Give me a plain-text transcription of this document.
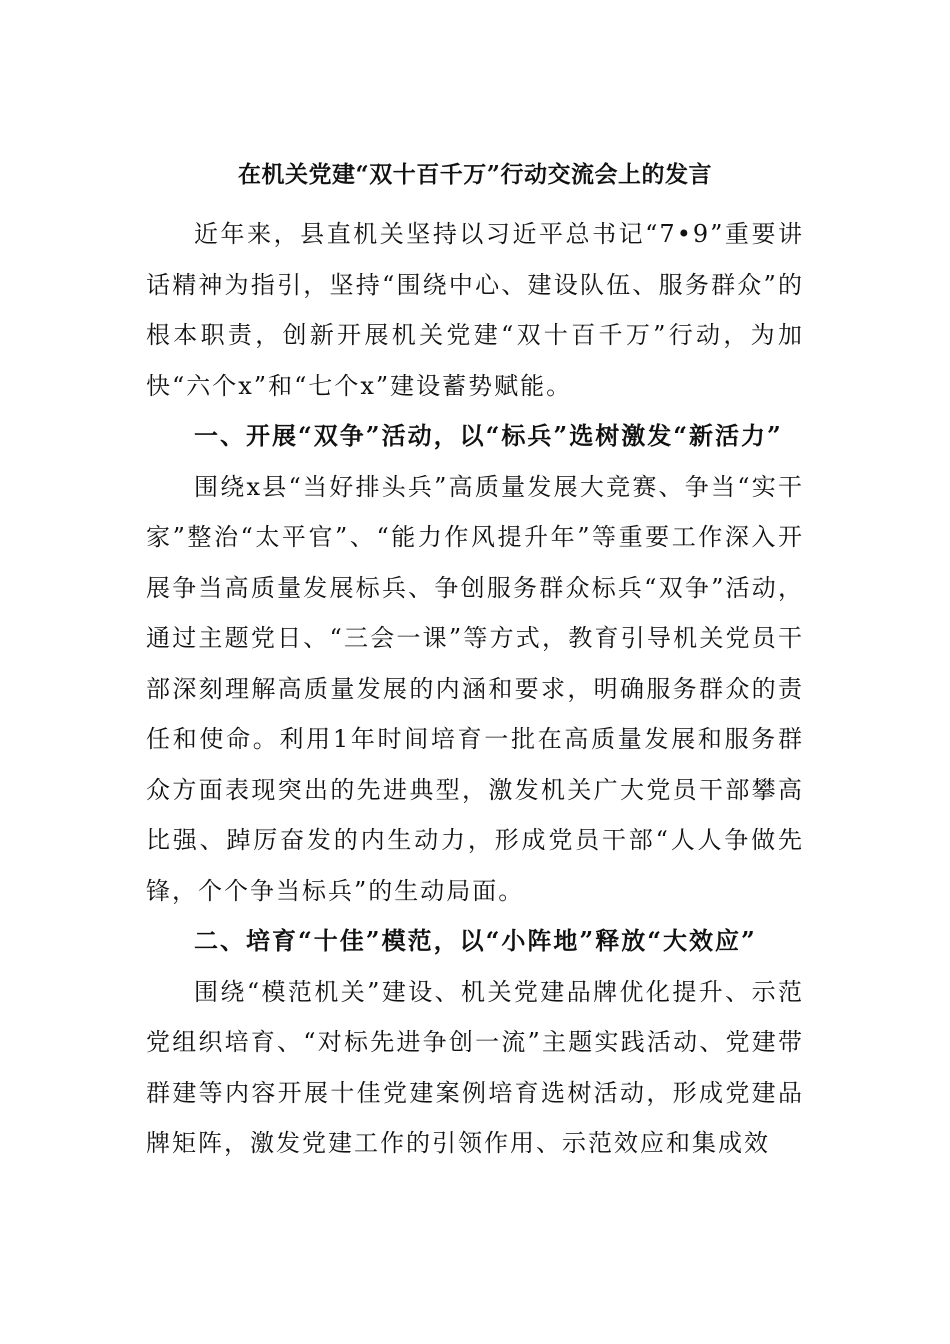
在机关党建“双十百千万”行动交流会上的发言

近年来，县直机关坚持以习近平总书记“7•9”重要讲话精神为指引，坚持“围绕中心、建设队伍、服务群众”的根本职责，创新开展机关党建“双十百千万”行动，为加快“六个x”和“七个x”建设蓄势赋能。

一、开展“双争”活动，以“标兵”选树激发“新活力”

围绕x县“当好排头兵”高质量发展大竞赛、争当“实干家”整治“太平官”、“能力作风提升年”等重要工作深入开展争当高质量发展标兵、争创服务群众标兵“双争”活动，通过主题党日、“三会一课”等方式，教育引导机关党员干部深刻理解高质量发展的内涵和要求，明确服务群众的责任和使命。利用1年时间培育一批在高质量发展和服务群众方面表现突出的先进典型，激发机关广大党员干部攀高比强、踔厉奋发的内生动力，形成党员干部“人人争做先锋，个个争当标兵”的生动局面。

二、培育“十佳”模范，以“小阵地”释放“大效应”

围绕“模范机关”建设、机关党建品牌优化提升、示范党组织培育、“对标先进争创一流”主题实践活动、党建带群建等内容开展十佳党建案例培育选树活动，形成党建品牌矩阵，激发党建工作的引领作用、示范效应和集成效
